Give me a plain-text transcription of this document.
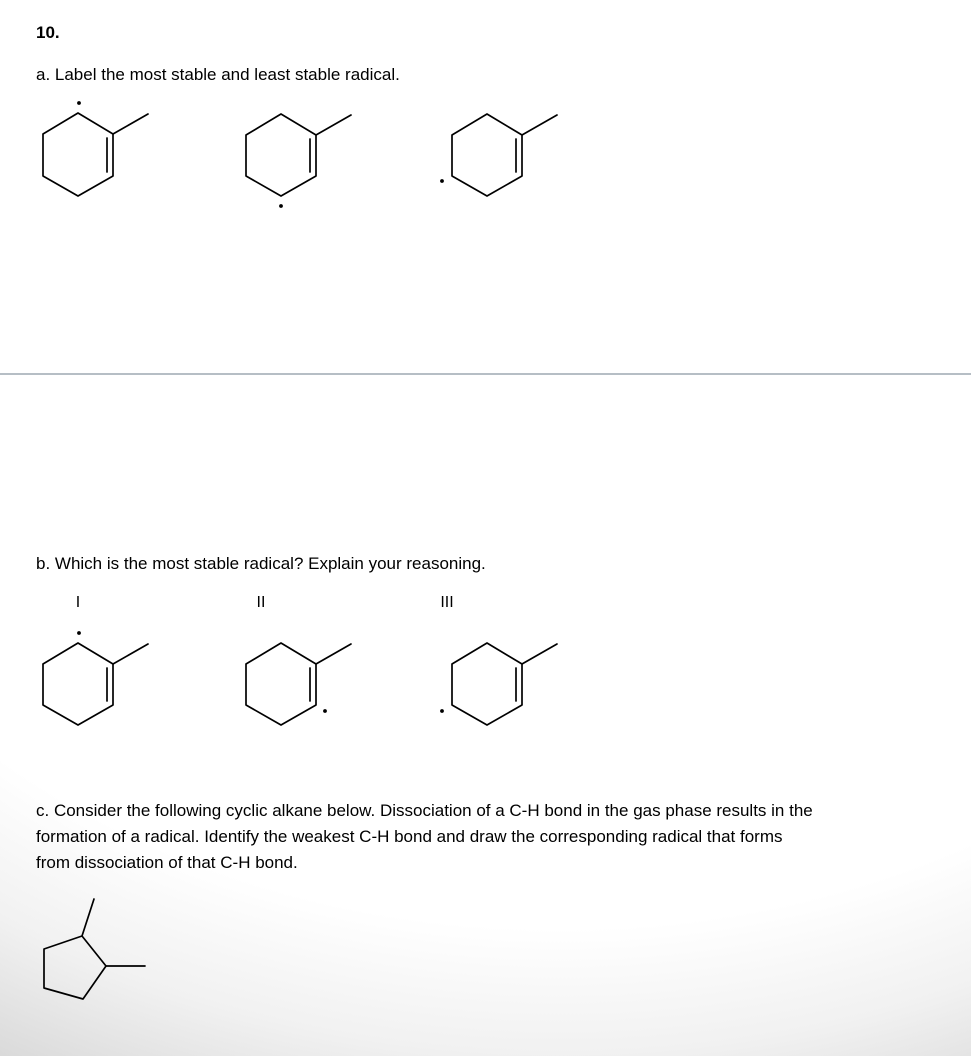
10.
a. Label the most stable and least stable radical.
b. Which is the most stable radical? Explain your reasoning.
I	II	III
c. Consider the following cyclic alkane below. Dissociation of a C-H bond in the gas phase results in the
formation of a radical. Identify the weakest C-H bond and draw the corresponding radical that forms
from dissociation of that C-H bond.
